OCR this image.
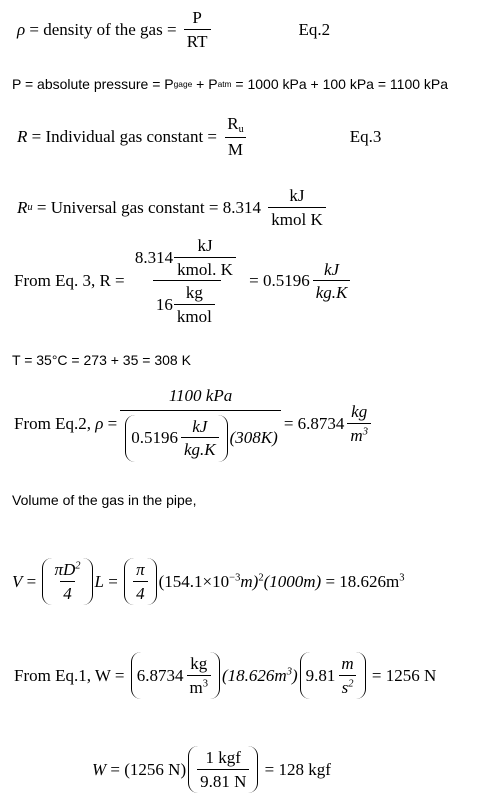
ρ = density of the gas = $\frac{P}{RT}$	Eq.2
P = absolute pressure = P gage + P atm = 1000 kPa + 100 kPa = 1100 kPa
R = Individual gas constant = $\frac{Ru}{M}$	Eq.3
R u = Universal gas constant = $8.314 \frac{kJ}{\text{kmol K}}$
From Eq. 3, $R = \frac{8.314 \frac{kJ}{\text{kmol. K}}}{16 \frac{kg}{\text{kmol}}} = 0.5196 \frac{kJ}{kg.K}$
T = 35°C = 273 + 35 = 308 K
From Eq.2, ρ =
1100 kPa
$0.5196 \frac{kJ}{kg.K} (308K)$
= $6.8734 \frac{kg}{m^3}$
Volume of the gas in the pipe,
$V = \frac{\pi D^2}{4}$ $L = \frac{\pi}{4} (154.1\times 10^{-3}m)^2$ $(1000m) = 18.626m^3$
From Eq.1, $W = 6.8734 \frac{kg}{m^3} (18.626m^3)$ $9.81 \frac{m}{s^2} = 1256$ N
W = (1256 $N) \frac{\text{1 kgf}}{9.81 N} = 128$ kgf
